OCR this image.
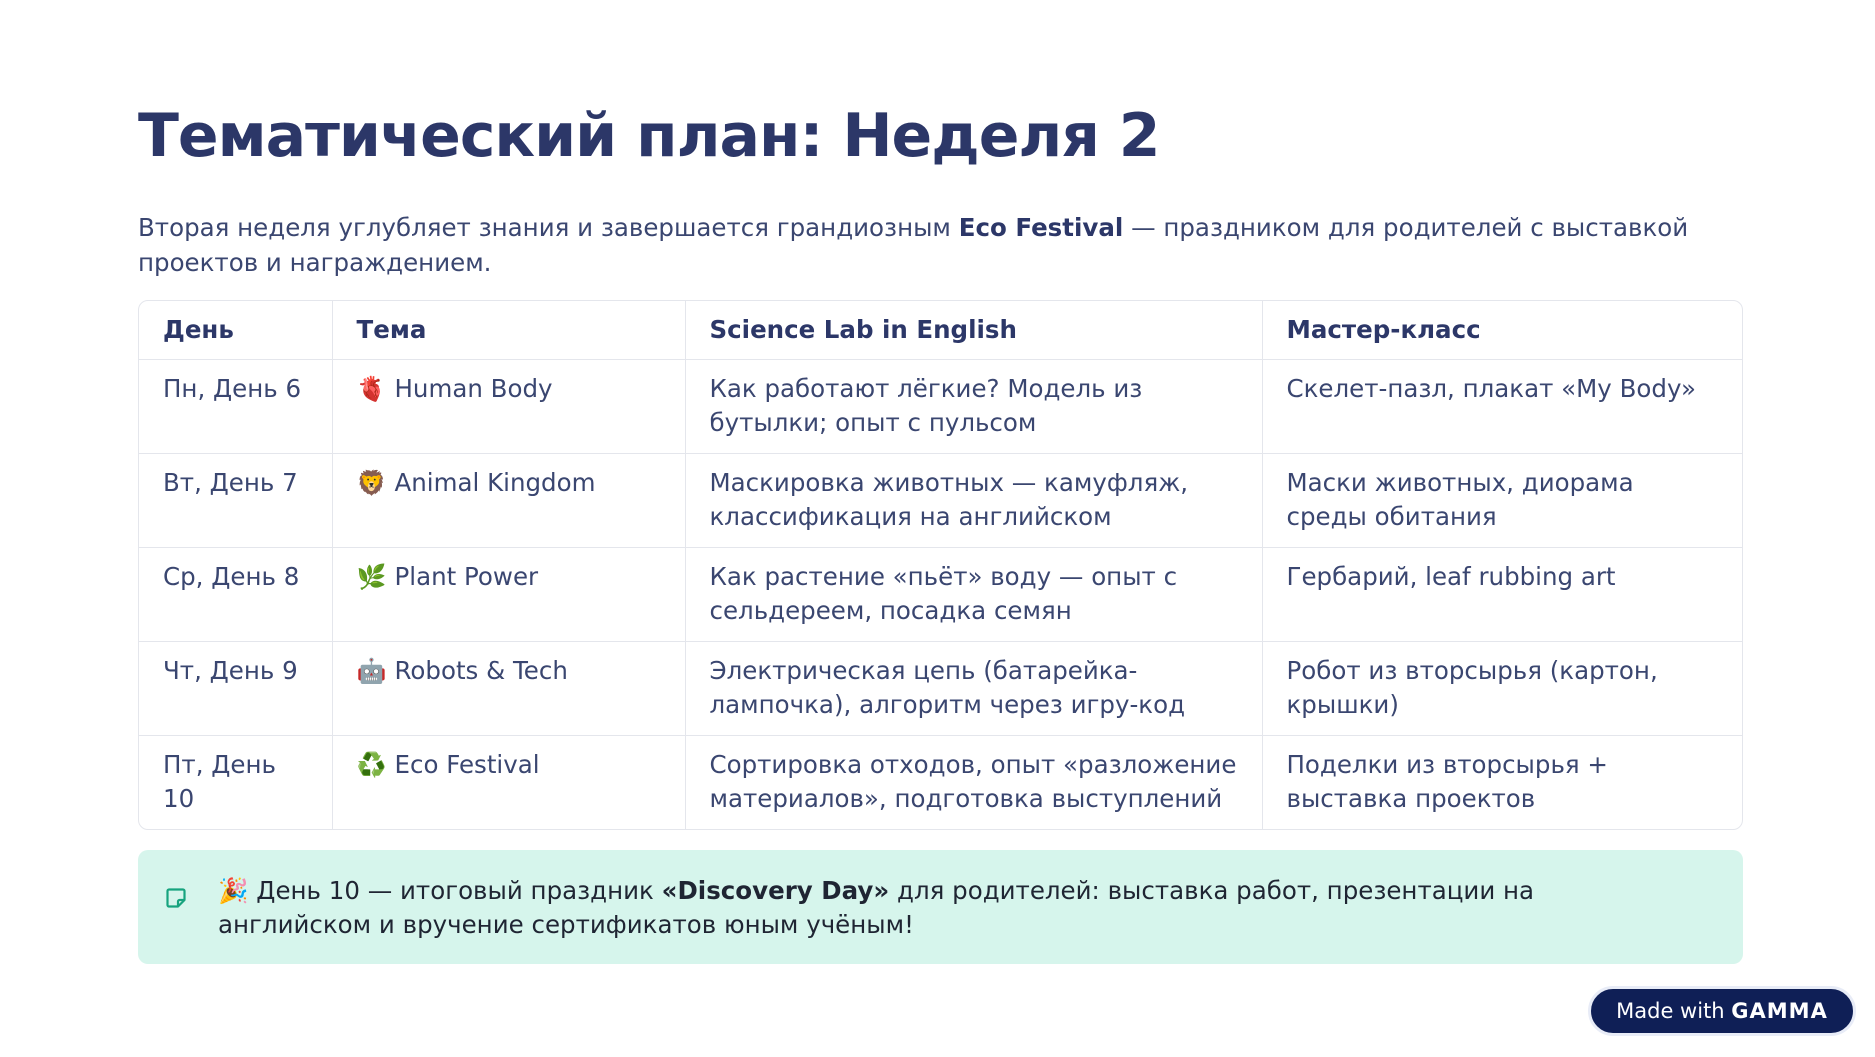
Тематический план: Неделя 2

Вторая неделя углубляет знания и завершается грандиозным Eco Festival — праздником для родителей с выставкой проектов и награждением.

День	Тема	Science Lab in English	Мастер-класс
Пн, День 6	🫀 Human Body	Как работают лёгкие? Модель из бутылки; опыт с пульсом	Скелет-пазл, плакат «My Body»
Вт, День 7	🦁 Animal Kingdom	Маскировка животных — камуфляж, классификация на английском	Маски животных, диорама среды обитания
Ср, День 8	🌿 Plant Power	Как растение «пьёт» воду — опыт с сельдереем, посадка семян	Гербарий, leaf rubbing art
Чт, День 9	🤖 Robots & Tech	Электрическая цепь (батарейка-лампочка), алгоритм через игру-код	Робот из вторсырья (картон, крышки)
Пт, День 10	♻️ Eco Festival	Сортировка отходов, опыт «разложение материалов», подготовка выступлений	Поделки из вторсырья + выставка проектов
🎉 День 10 — итоговый праздник «Discovery Day» для родителей: выставка работ, презентации на английском и вручение сертификатов юным учёным!
Made with GAMMA
